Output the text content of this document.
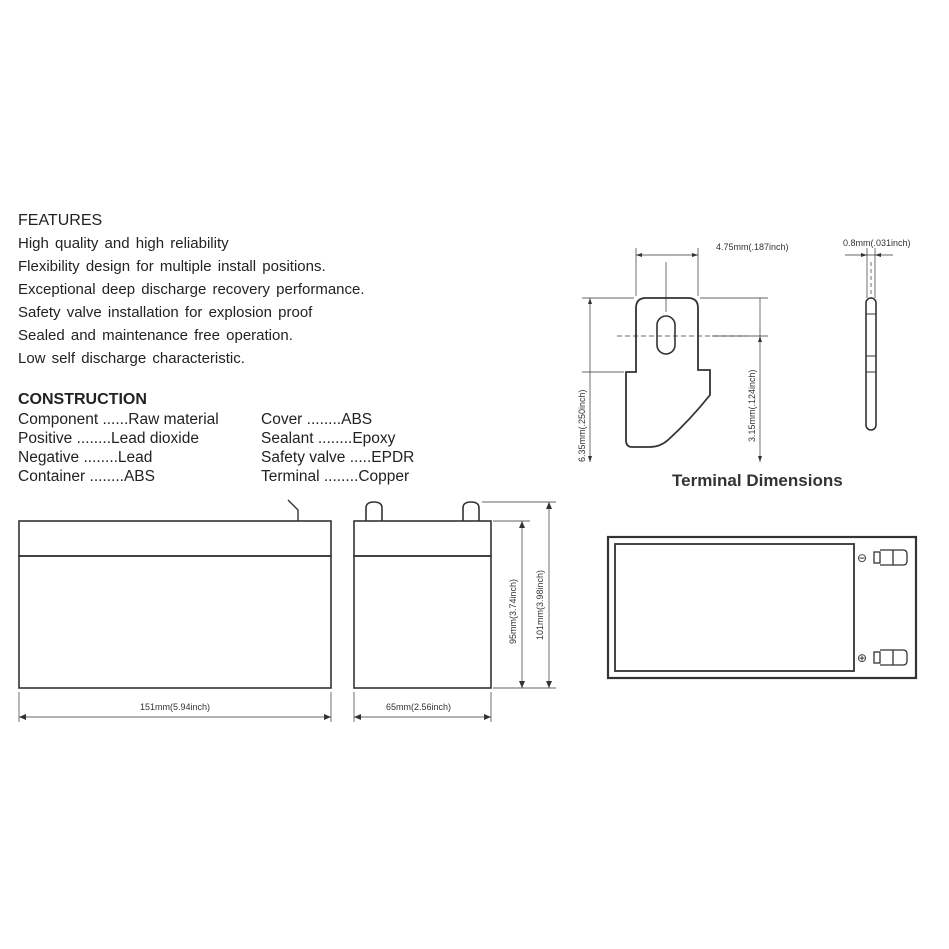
FEATURES
High quality and high reliability
Flexibility design for multiple install positions.
Exceptional deep discharge recovery performance.
Safety valve installation for explosion proof
Sealed and maintenance free operation.
Low self discharge characteristic.
CONSTRUCTION
Component ......Raw material	Cover ........ABS
Positive ........Lead dioxide	Sealant ........Epoxy
Negative ........Lead	Safety valve .....EPDR
Container ........ABS	Terminal ........Copper	Terminal Dimensions
4.75mm(.187inch)
6.35mm(.250inch)	3.15mm(.124inch)
0.8mm(.031inch)
151mm(5.94inch)	65mm(2.56inch)
95mm(3.74inch) 101mm(3.98inch)
⊖
⊕
